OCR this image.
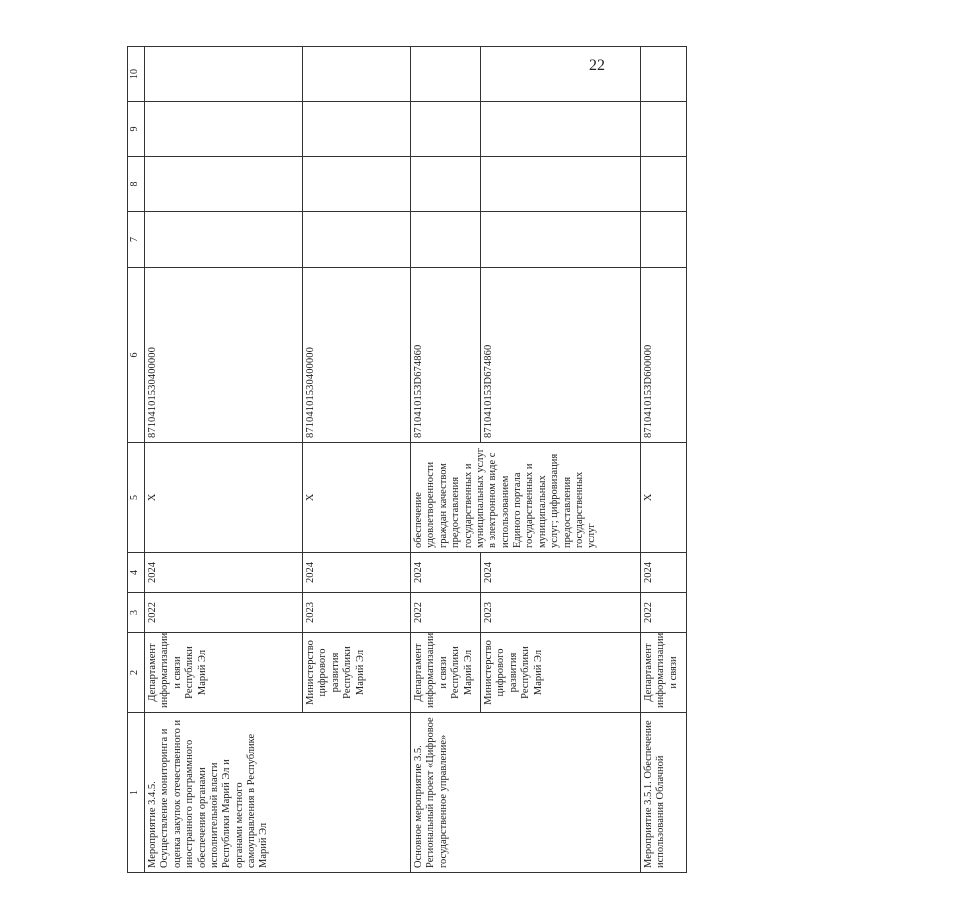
22
1	2	3	4	5	6	7	8	9	10
Мероприятие 3.4.5. Осуществление мониторинга и оценка закупок отечественного и иностранного программного обеспечения органами исполнительной власти Республики Марий Эл и органами местного самоуправления в Республике Марий Эл	Департамент информатизации и связи Республики Марий Эл	2022	2024	X	87104101530400000				
	Министерство цифрового развития Республики Марий Эл	2023	2024	X	87104101530400000				
Основное мероприятие 3.5. Региональный проект «Цифровое государственное управление»	Департамент информатизации и связи Республики Марий Эл	2022	2024	обеспечение удовлетворенности граждан качеством предоставления государственных и муниципальных услуг в электронном виде с использованием Единого портала государственных и муниципальных услуг; цифровизация предоставления государственных услуг	871041015ЗD674860				
	Министерство цифрового развития Республики Марий Эл	2023	2024		871041015ЗD674860				
Мероприятие 3.5.1. Обеспечение использования Облачной	Департамент информатизации и связи	2022	2024	X	871041015ЗD600000				
